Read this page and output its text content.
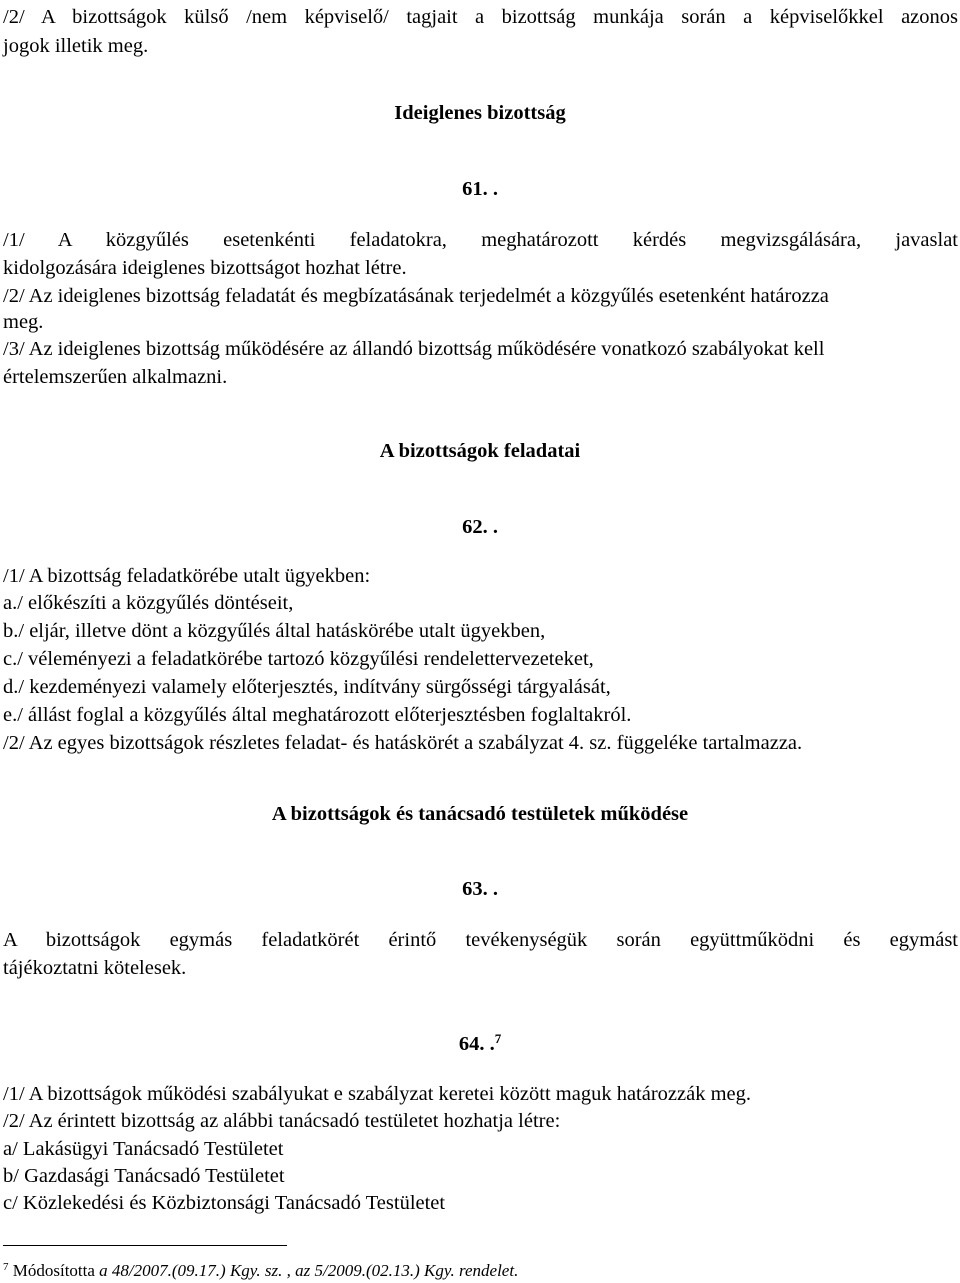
/2/ A bizottságok külső /nem képviselő/ tagjait a bizottság munkája során a képviselőkkel azonos
jogok illetik meg.
Ideiglenes bizottság
61. .
/1/ A közgyűlés esetenkénti feladatokra, meghatározott kérdés megvizsgálására, javaslat
kidolgozására ideiglenes bizottságot hozhat létre.
/2/ Az ideiglenes bizottság feladatát és megbízatásának terjedelmét a közgyűlés esetenként határozza
meg.
/3/ Az ideiglenes bizottság működésére az állandó bizottság működésére vonatkozó szabályokat kell
értelemszerűen alkalmazni.
A bizottságok feladatai
62. .
/1/ A bizottság feladatkörébe utalt ügyekben:
a./ előkészíti a közgyűlés döntéseit,
b./ eljár, illetve dönt a közgyűlés által hatáskörébe utalt ügyekben,
c./ véleményezi a feladatkörébe tartozó közgyűlési rendelettervezeteket,
d./ kezdeményezi valamely előterjesztés, indítvány sürgősségi tárgyalását,
e./ állást foglal a közgyűlés által meghatározott előterjesztésben foglaltakról.
/2/ Az egyes bizottságok részletes feladat- és hatáskörét a szabályzat 4. sz. függeléke tartalmazza.
A bizottságok és tanácsadó testületek működése
63. .
A bizottságok egymás feladatkörét érintő tevékenységük során együttműködni és egymást
tájékoztatni kötelesek.
64. .$^7$
/1/ A bizottságok működési szabályukat e szabályzat keretei között maguk határozzák meg.
/2/ Az érintett bizottság az alábbi tanácsadó testületet hozhatja létre:
a/ Lakásügyi Tanácsadó Testületet
b/ Gazdasági Tanácsadó Testületet
c/ Közlekedési és Közbiztonsági Tanácsadó Testületet
$^7$ Módosította a 48/2007.(09.17.) Kgy. sz. , az 5/2009.(02.13.) Kgy. rendelet.
